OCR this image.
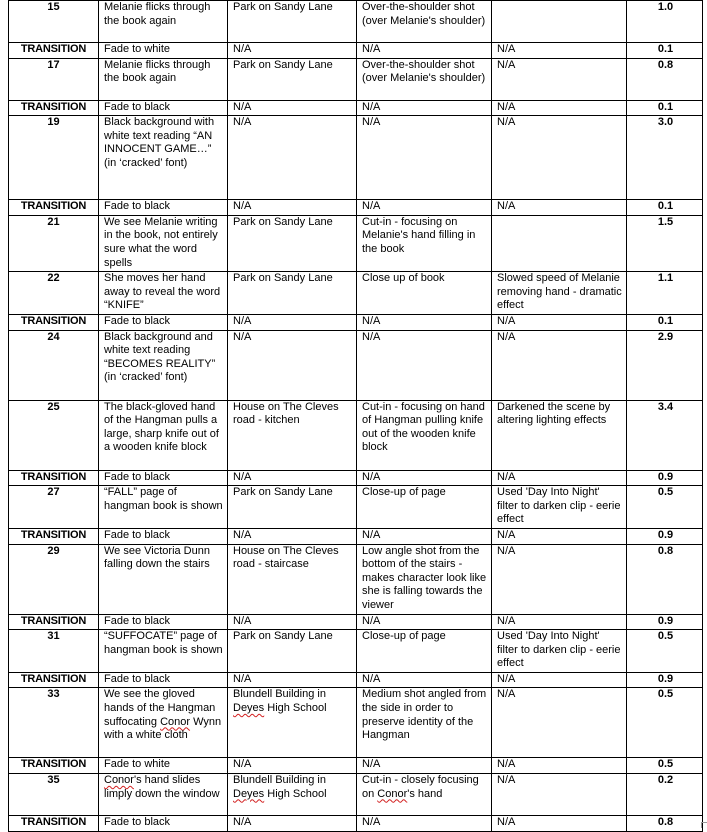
15	Melanie flicks through the book again	Park on Sandy Lane	Over-the-shoulder shot (over Melanie's shoulder)		1.0
TRANSITION	Fade to white	N/A	N/A	N/A	0.1
17	Melanie flicks through the book again	Park on Sandy Lane	Over-the-shoulder shot (over Melanie's shoulder)	N/A	0.8
TRANSITION	Fade to black	N/A	N/A	N/A	0.1
19	Black background with white text reading “AN INNOCENT GAME…” (in ‘cracked’ font)	N/A	N/A	N/A	3.0
TRANSITION	Fade to black	N/A	N/A	N/A	0.1
21	We see Melanie writing in the book, not entirely sure what the word spells	Park on Sandy Lane	Cut-in - focusing on Melanie's hand filling in the book		1.5
22	She moves her hand away to reveal the word “KNIFE”	Park on Sandy Lane	Close up of book	Slowed speed of Melanie removing hand - dramatic effect	1.1
TRANSITION	Fade to black	N/A	N/A	N/A	0.1
24	Black background and white text reading “BECOMES REALITY” (in ‘cracked’ font)	N/A	N/A	N/A	2.9
25	The black-gloved hand of the Hangman pulls a large, sharp knife out of a wooden knife block	House on The Cleves road - kitchen	Cut-in - focusing on hand of Hangman pulling knife out of the wooden knife block	Darkened the scene by altering lighting effects	3.4
TRANSITION	Fade to black	N/A	N/A	N/A	0.9
27	“FALL” page of hangman book is shown	Park on Sandy Lane	Close-up of page	Used 'Day Into Night' filter to darken clip - eerie effect	0.5
TRANSITION	Fade to black	N/A	N/A	N/A	0.9
29	We see Victoria Dunn falling down the stairs	House on The Cleves road - staircase	Low angle shot from the bottom of the stairs - makes character look like she is falling towards the viewer	N/A	0.8
TRANSITION	Fade to black	N/A	N/A	N/A	0.9
31	“SUFFOCATE” page of hangman book is shown	Park on Sandy Lane	Close-up of page	Used 'Day Into Night' filter to darken clip - eerie effect	0.5
TRANSITION	Fade to black	N/A	N/A	N/A	0.9
33	We see the gloved hands of the Hangman suffocating Conor Wynn with a white cloth	Blundell Building in Deyes High School	Medium shot angled from the side in order to preserve identity of the Hangman	N/A	0.5
TRANSITION	Fade to white	N/A	N/A	N/A	0.5
35	Conor's hand slides limply down the window	Blundell Building in Deyes High School	Cut-in - closely focusing on Conor's hand	N/A	0.2
TRANSITION	Fade to black	N/A	N/A	N/A	0.8
